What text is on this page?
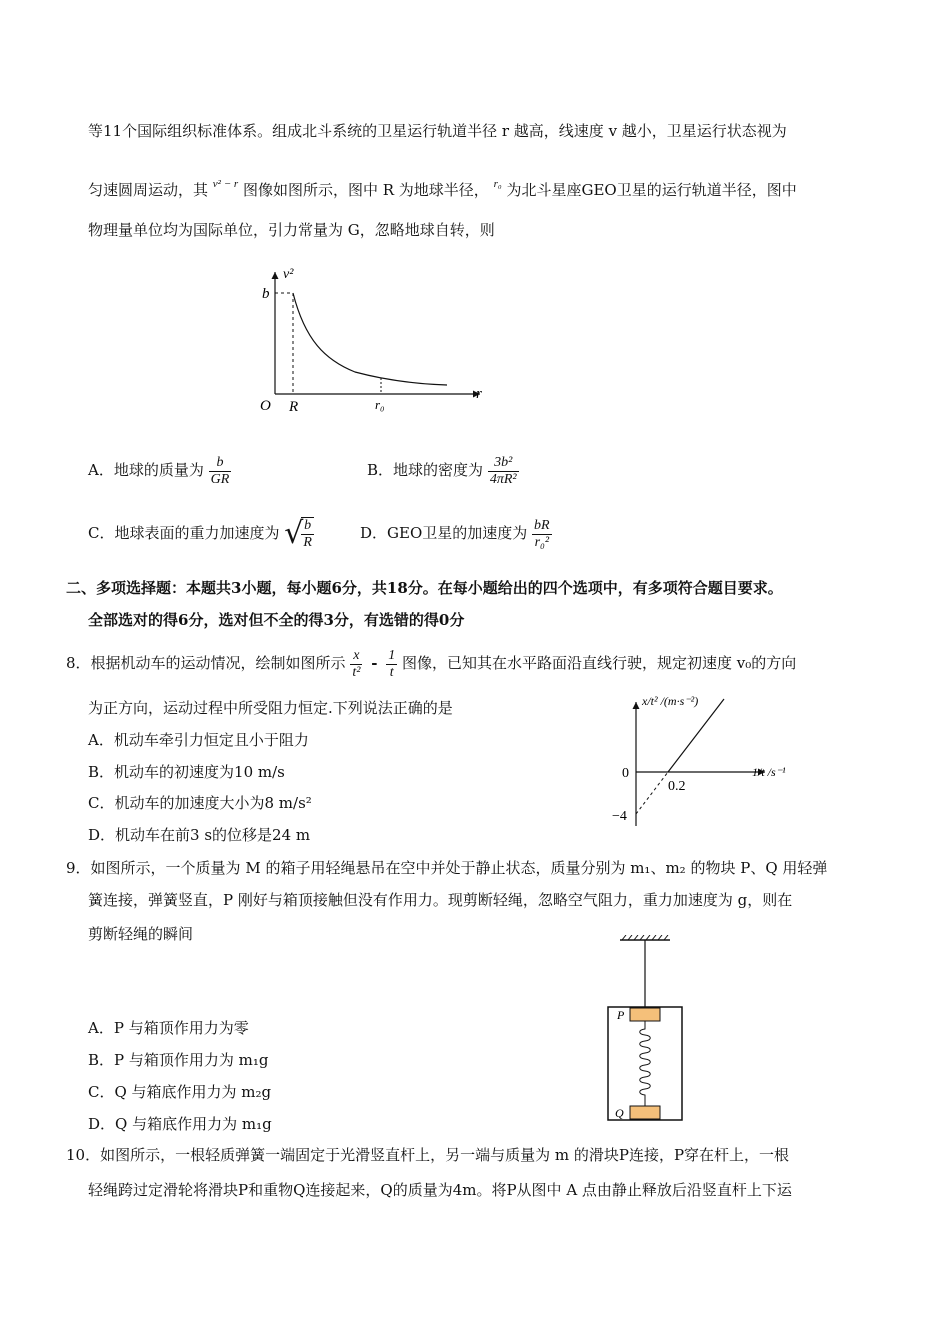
等11个国际组织标准体系。组成北斗系统的卫星运行轨道半径 r 越高，线速度 v 越小，卫星运行状态视为
匀速圆周运动，其 $^{v^2 - r}$ 图像如图所示，图中 R 为地球半径， $^{r_0}$ 为北斗星座GEO卫星的运行轨道半径，图中
物理量单位均为国际单位，引力常量为 G，忽略地球自转，则
v²
b
O R	r₀
r
A．地球的质量为 $\frac{b}{GR}$	B．地球的密度为 $\frac{\text{3b²}}{\text{4πR²}}$
C．地球表面的重力加速度为 √
$\frac{b}{R}$	D．GEO卫星的加速度为 $\frac{bR}{\text{r₀²}}$
二、多项选择题：本题共3小题，每小题6分，共18分。在每小题给出的四个选项中，有多项符合题目要求。
全部选对的得6分，选对但不全的得3分，有选错的得0分
8．根据机动车的运动情况，绘制如图所示 $\frac{x}{\text{t²}} - \frac{1}{t}$ 图像，已知其在水平路面沿直线行驶，规定初速度 v₀的方向
为正方向，运动过程中所受阻力恒定.下列说法正确的是
A．机动车牵引力恒定且小于阻力
B．机动车的初速度为10 m/s
C．机动车的加速度大小为8 m/s²
D．机动车在前3 s的位移是24 m
x/t² /(m·s⁻²)
0
0.2
−4
1/t /s⁻¹
9．如图所示，一个质量为 M 的箱子用轻绳悬吊在空中并处于静止状态，质量分别为 m₁、m₂ 的物块 P、Q 用轻弹
簧连接，弹簧竖直，P 刚好与箱顶接触但没有作用力。现剪断轻绳，忽略空气阻力，重力加速度为 g，则在
剪断轻绳的瞬间
A．P 与箱顶作用力为零
B．P 与箱顶作用力为 m₁g
C．Q 与箱底作用力为 m₂g
D．Q 与箱底作用力为 m₁g
P
Q
10．如图所示，一根轻质弹簧一端固定于光滑竖直杆上，另一端与质量为 m 的滑块P连接，P穿在杆上，一根
轻绳跨过定滑轮将滑块P和重物Q连接起来，Q的质量为4m。将P从图中 A 点由静止释放后沿竖直杆上下运
